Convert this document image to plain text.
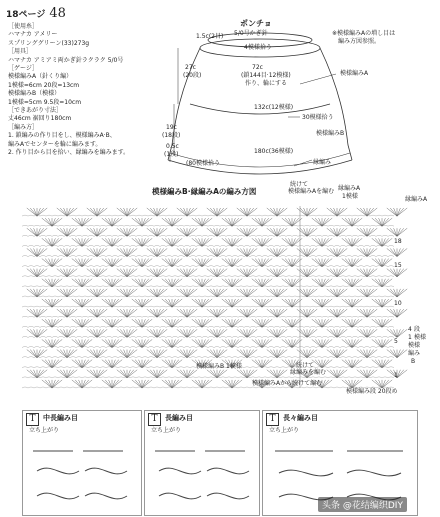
18ページ 48
［使用糸］
ハマナカ アメリー
スプリンググリーン(33)273g
［用具］
ハマナカ アミアミ両かぎ針ラクラク 5/0号
［ゲージ］
模様編みA（針くり編）
1模様=6cm 20段=13cm
模様編みB（模様）
1模様=5cm 9.5段=10cm
［できあがり寸法］
丈46cm 裾回り180cm
［編み方］
1. 鎖編みの作り目をし、模様編みA·B、
編みAでセンターを輪に編みます。
2. 作り目から目を拾い、縁編みを編みます。
ポンチョ
5/0号かぎ針	※模様編みAの増し目は
編み方図参照。
1.5c(2目)
4模様拾う
72c
(鎖144目·12模様)
作り、輪にする
27c
(20段)	模様編みA
132c(12模様)
30模様拾う
模様編みB
19c
(18段)
0.5c
(1段)
(80模様拾う
180c(36模様)
縁編み
模様編みB·縁編みAの編み方図
続けて
模様編みAを編む 縁編みA
1模様	縁編みA
18
15
10
5
1
4 段
1 模様
模 様
編 み
B
模様編みB 1模様	続けて
縁編みを編む
模様編みAから続けて編む
模様編み段 20段め
T	中長編み目
立ち上がり
T	長編み目
立ち上がり
T	長々編み目
立ち上がり
头条 @花结编织DIY
